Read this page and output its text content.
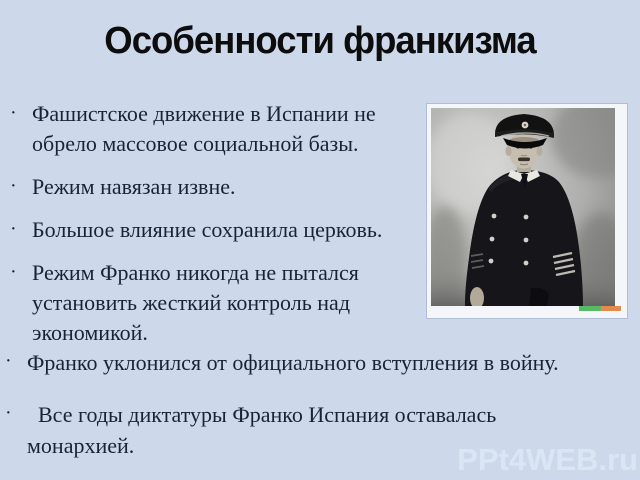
Особенности франкизма
· Фашистское движение в Испании не обрело массовое социальной базы.
· Режим навязан извне.
· Большое влияние сохранила церковь.
· Режим Франко никогда не пытался установить жесткий контроль над экономикой.
· Франко уклонился от официального вступления в войну.
· Все годы диктатуры Франко Испания оставалась монархией.	PPt4WEB.ru
